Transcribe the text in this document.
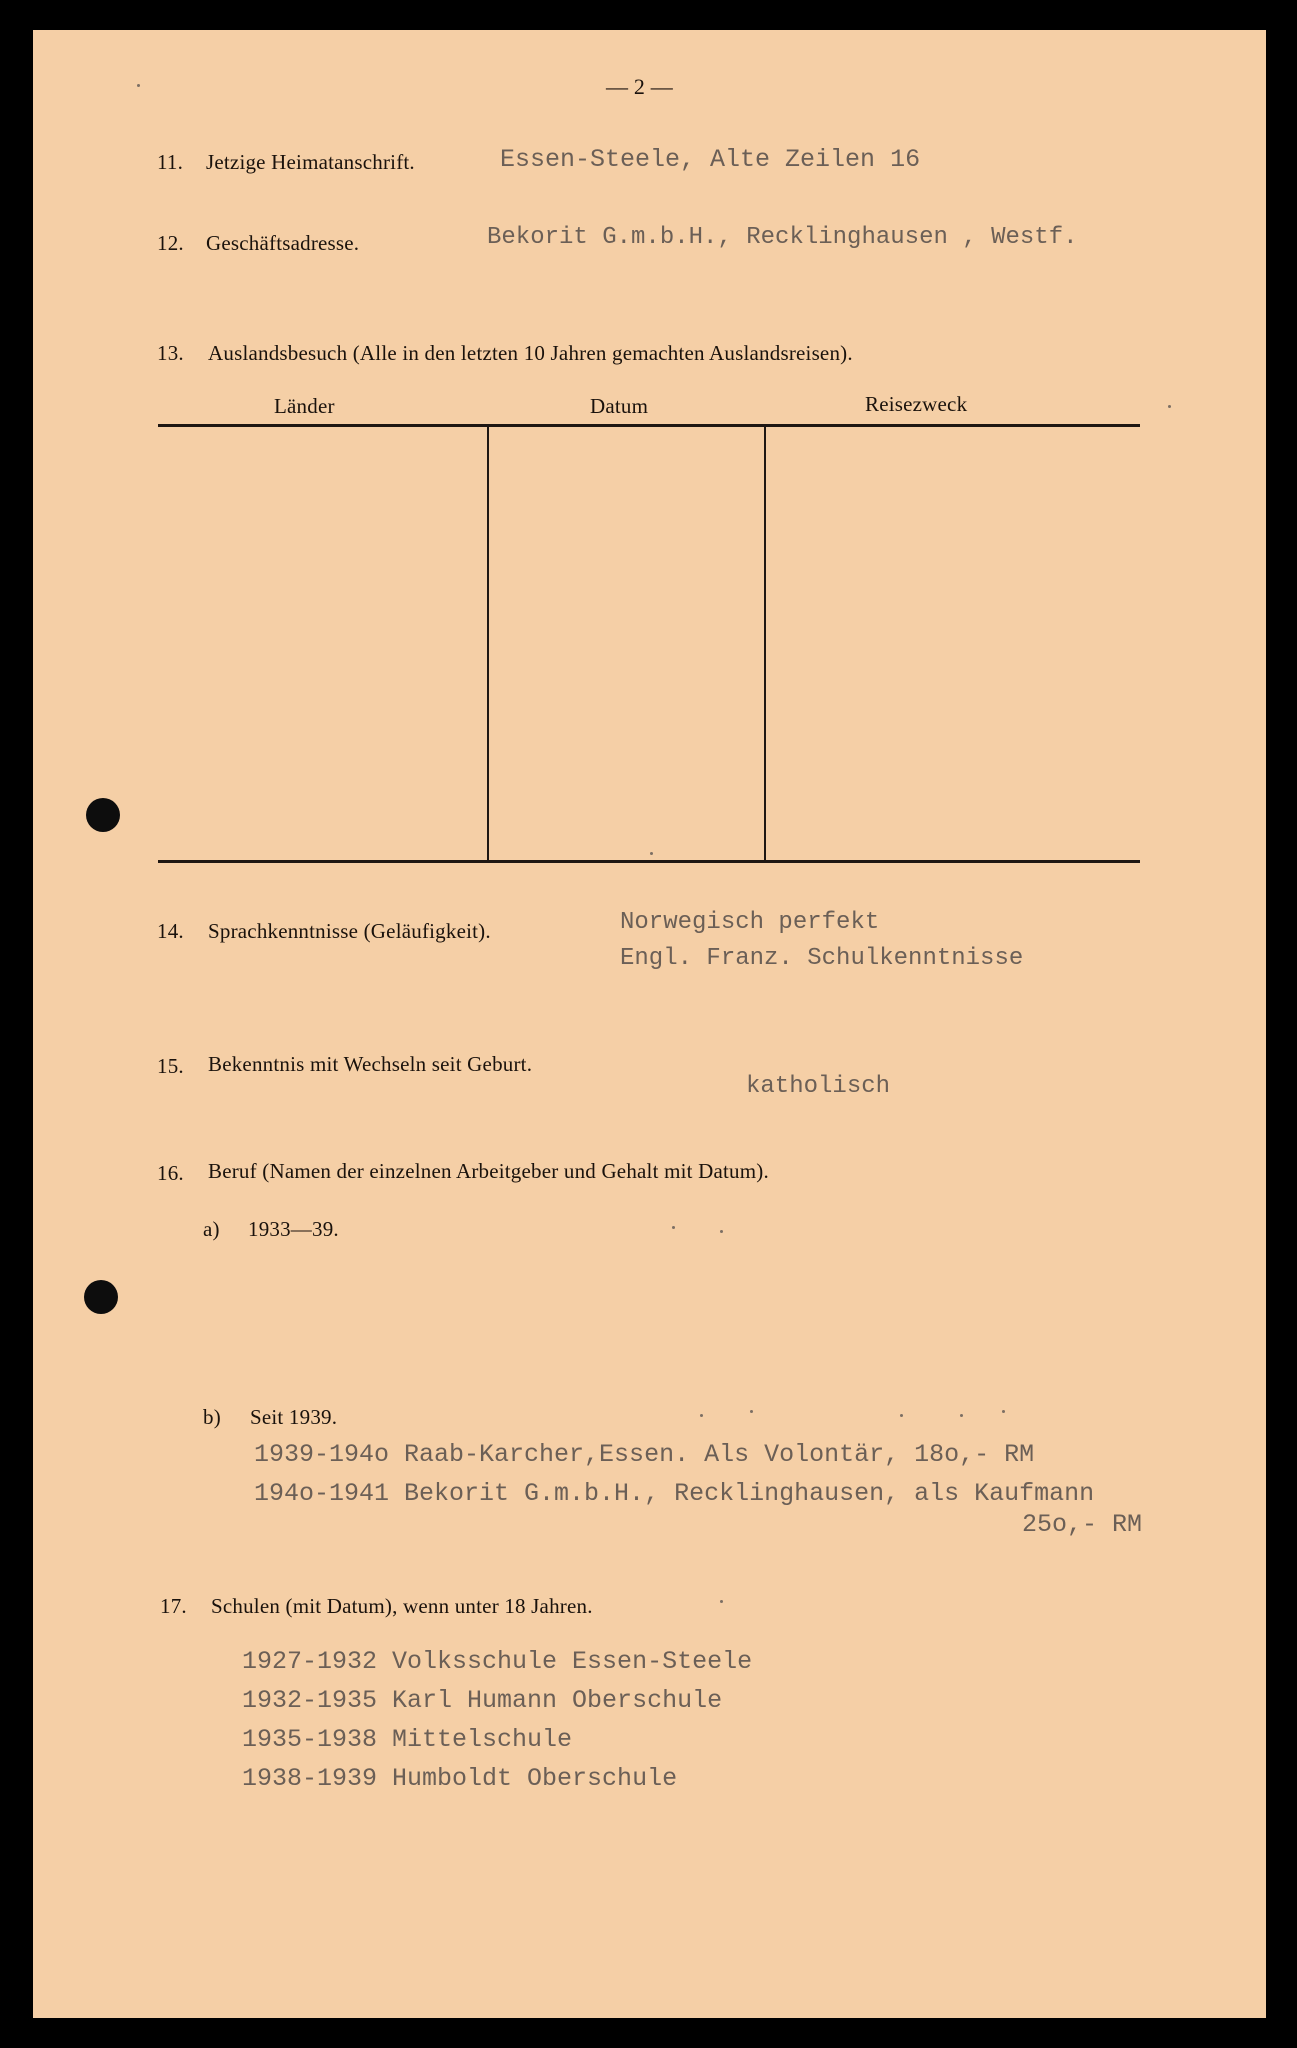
— 2 —
11. Jetzige Heimatanschrift.	Essen-Steele, Alte Zeilen 16
12. Geschäftsadresse.	Bekorit G.m.b.H., Recklinghausen , Westf.
13. Auslandsbesuch (Alle in den letzten 10 Jahren gemachten Auslandsreisen).
Länder	Datum	Reisezweck
14. Sprachkenntnisse (Geläufigkeit).	Norwegisch perfekt
Engl. Franz. Schulkenntnisse
15. Bekenntnis mit Wechseln seit Geburt.
katholisch
16. Beruf (Namen der einzelnen Arbeitgeber und Gehalt mit Datum).
a) 1933—39.
b) Seit 1939.
1939-194o Raab-Karcher,Essen. Als Volontär, 18o,- RM
194o-1941 Bekorit G.m.b.H., Recklinghausen, als Kaufmann
25o,- RM
17. Schulen (mit Datum), wenn unter 18 Jahren.
1927-1932 Volksschule Essen-Steele
1932-1935 Karl Humann Oberschule
1935-1938 Mittelschule
1938-1939 Humboldt Oberschule
